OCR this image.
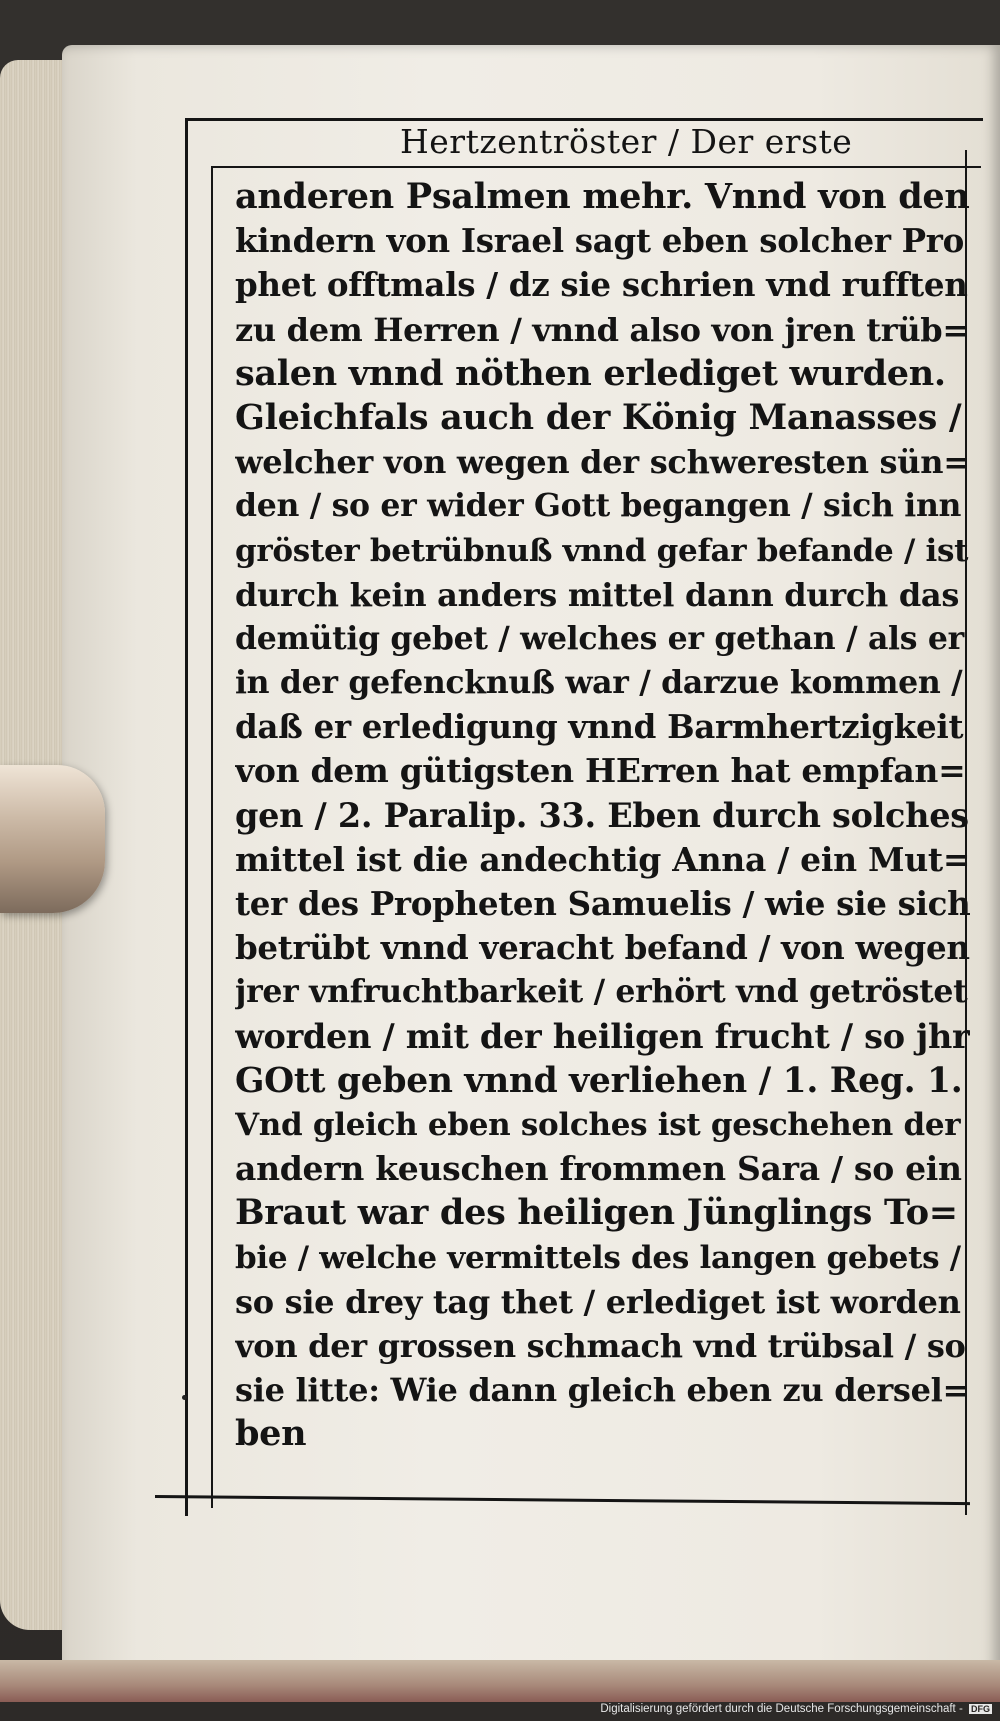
Hertzentröster / Der erste
anderen Psalmen mehr. Vnnd von den
kindern von Israel sagt eben solcher Pro
phet offtmals / dz sie schrien vnd rufften
zu dem Herren / vnnd also von jren trüb=
salen vnnd nöthen erlediget wurden.
Gleichfals auch der König Manasses /
welcher von wegen der schweresten sün=
den / so er wider Gott begangen / sich inn
gröster betrübnuß vnnd gefar befande / ist
durch kein anders mittel dann durch das
demütig gebet / welches er gethan / als er
in der gefencknuß war / darzue kommen /
daß er erledigung vnnd Barmhertzigkeit
von dem gütigsten HErren hat empfan=
gen / 2. Paralip. 33. Eben durch solches
mittel ist die andechtig Anna / ein Mut=
ter des Propheten Samuelis / wie sie sich
betrübt vnnd veracht befand / von wegen
jrer vnfruchtbarkeit / erhört vnd getröstet
worden / mit der heiligen frucht / so jhr
GOtt geben vnnd verliehen / 1. Reg. 1.
Vnd gleich eben solches ist geschehen der
andern keuschen frommen Sara / so ein
Braut war des heiligen Jünglings To=
bie / welche vermittels des langen gebets /
so sie drey tag thet / erlediget ist worden
von der grossen schmach vnd trübsal / so
sie litte: Wie dann gleich eben zu dersel=
ben
Digitalisierung gefördert durch die Deutsche Forschungsgemeinschaft - DFG
